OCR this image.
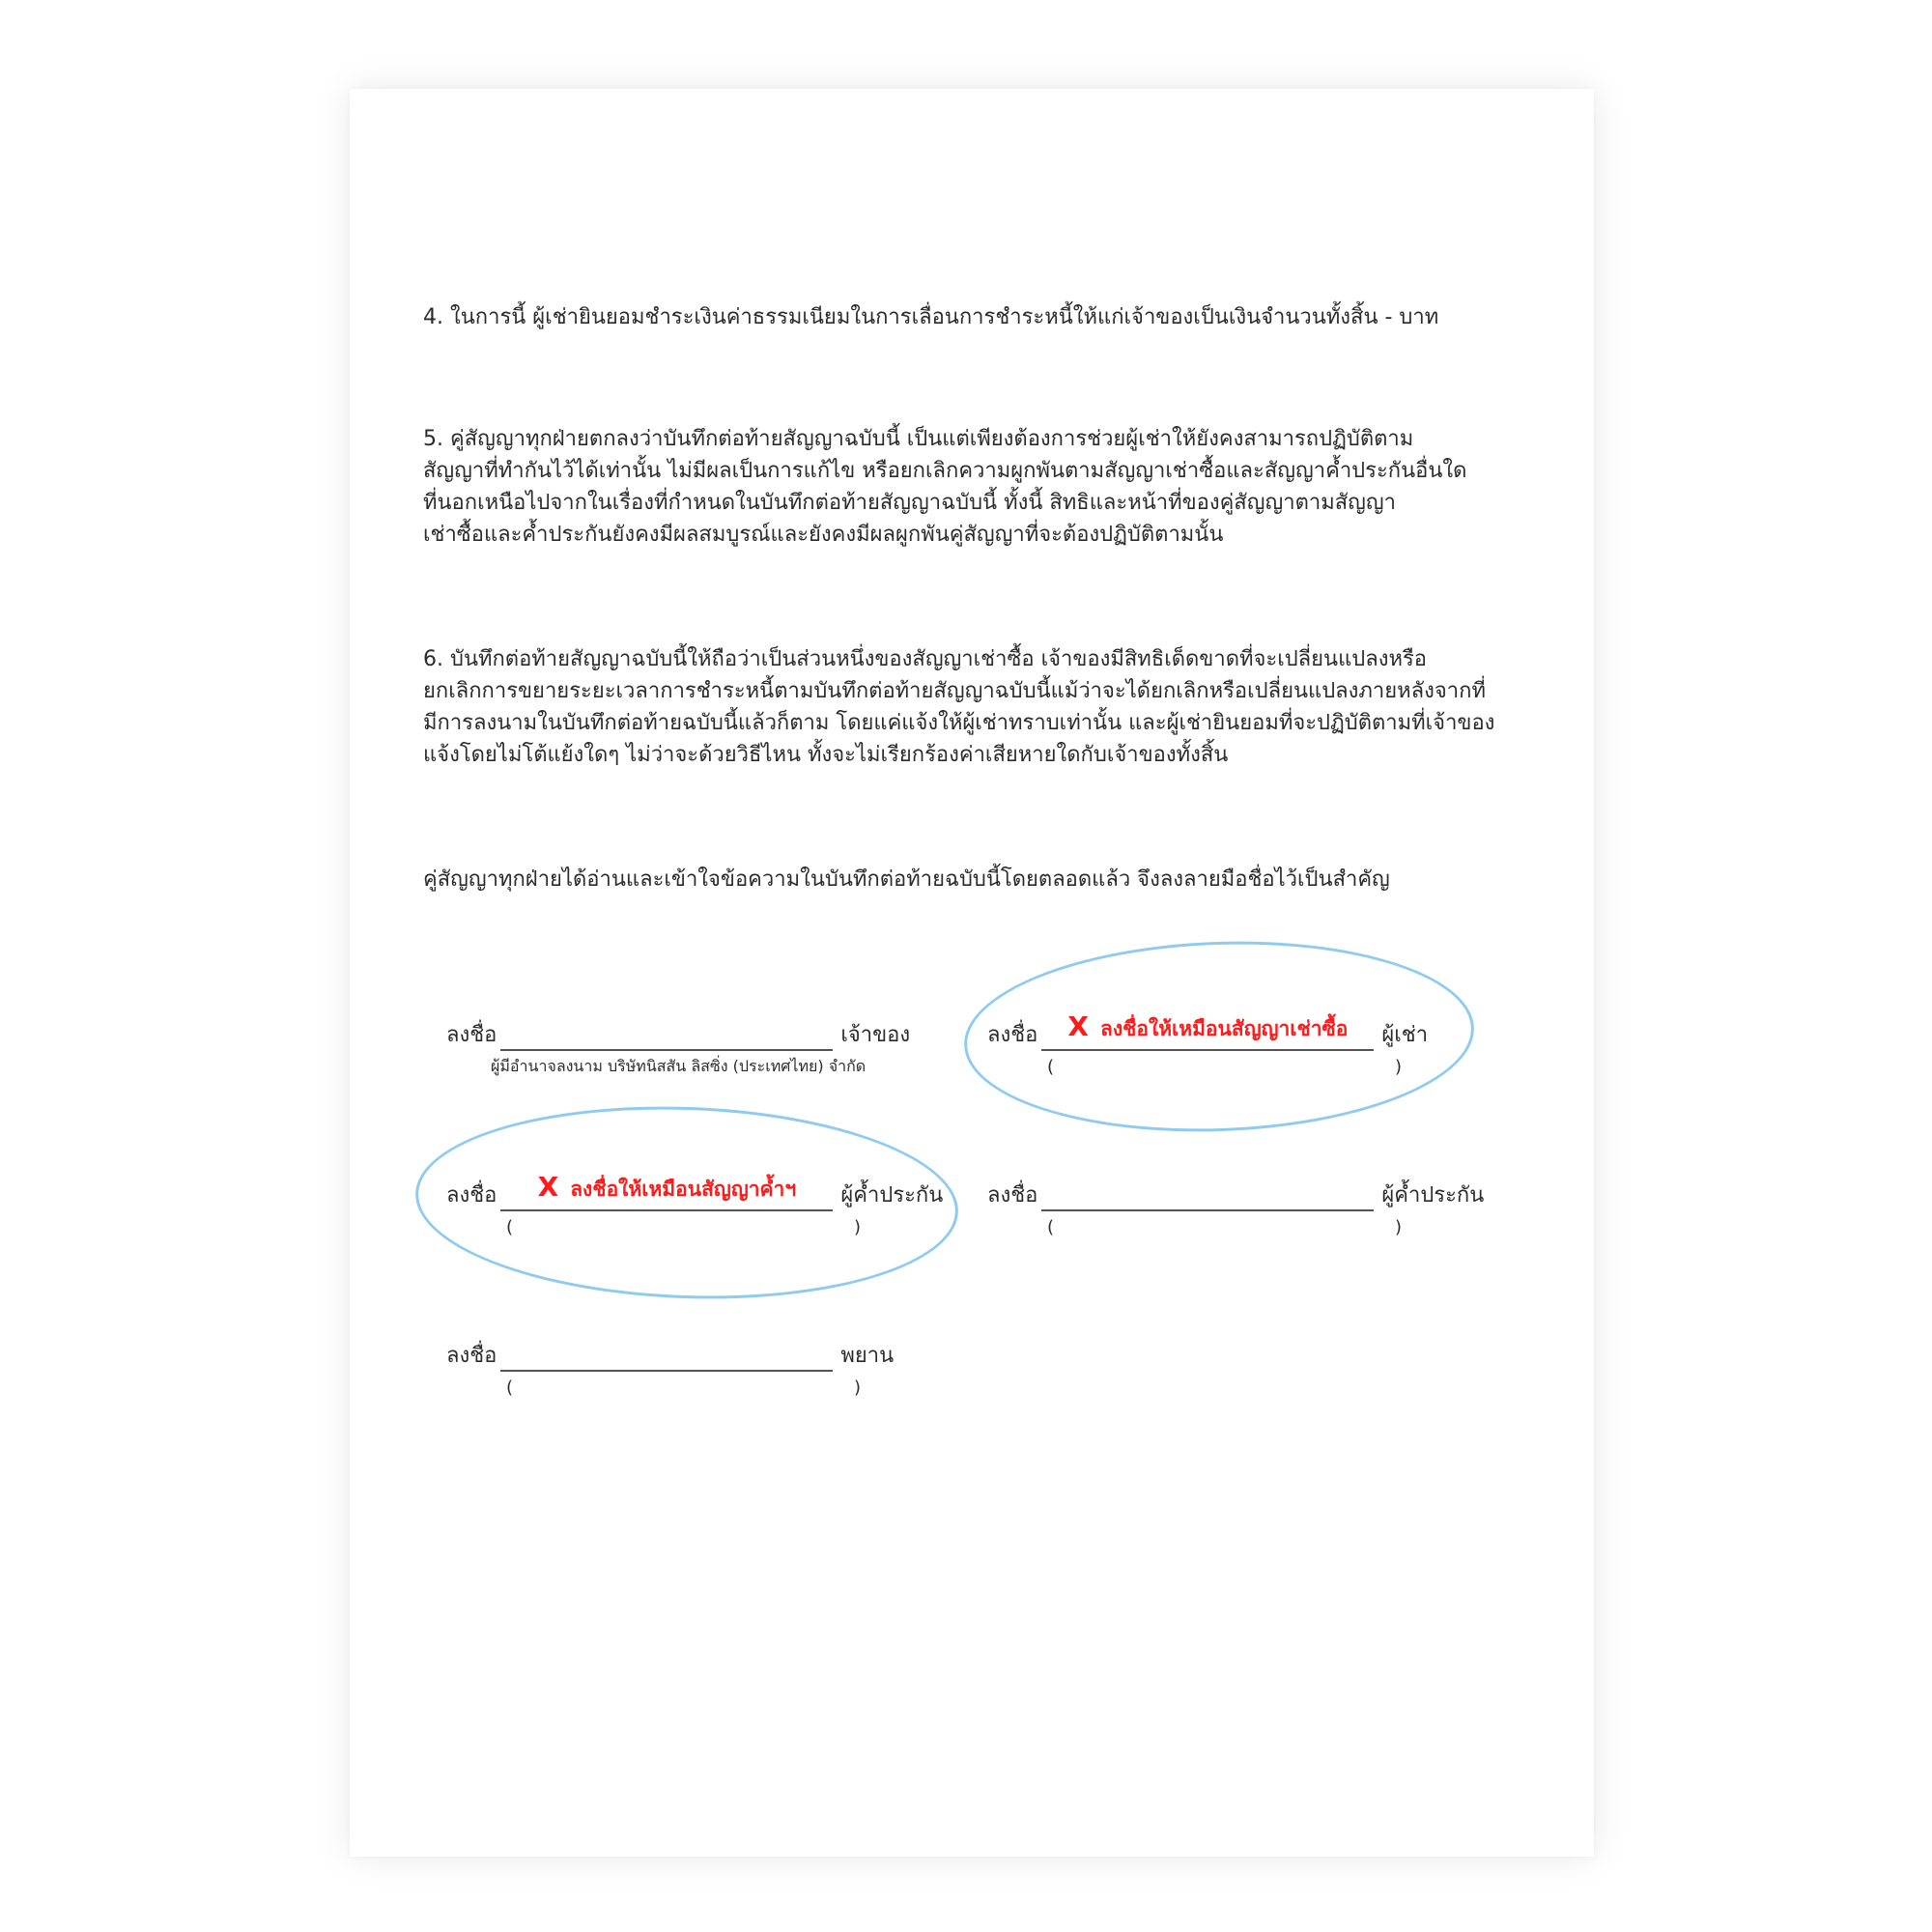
4. ในการนี้ ผู้เช่ายินยอมชำระเงินค่าธรรมเนียมในการเลื่อนการชำระหนี้ให้แก่เจ้าของเป็นเงินจำนวนทั้งสิ้น - บาท
5. คู่สัญญาทุกฝ่ายตกลงว่าบันทึกต่อท้ายสัญญาฉบับนี้ เป็นแต่เพียงต้องการช่วยผู้เช่าให้ยังคงสามารถปฏิบัติตาม
สัญญาที่ทำกันไว้ได้เท่านั้น ไม่มีผลเป็นการแก้ไข หรือยกเลิกความผูกพันตามสัญญาเช่าซื้อและสัญญาค้ำประกันอื่นใด
ที่นอกเหนือไปจากในเรื่องที่กำหนดในบันทึกต่อท้ายสัญญาฉบับนี้ ทั้งนี้ สิทธิและหน้าที่ของคู่สัญญาตามสัญญา
เช่าซื้อและค้ำประกันยังคงมีผลสมบูรณ์และยังคงมีผลผูกพันคู่สัญญาที่จะต้องปฏิบัติตามนั้น
6. บันทึกต่อท้ายสัญญาฉบับนี้ให้ถือว่าเป็นส่วนหนึ่งของสัญญาเช่าซื้อ เจ้าของมีสิทธิเด็ดขาดที่จะเปลี่ยนแปลงหรือ
ยกเลิกการขยายระยะเวลาการชำระหนี้ตามบันทึกต่อท้ายสัญญาฉบับนี้แม้ว่าจะได้ยกเลิกหรือเปลี่ยนแปลงภายหลังจากที่
มีการลงนามในบันทึกต่อท้ายฉบับนี้แล้วก็ตาม โดยแค่แจ้งให้ผู้เช่าทราบเท่านั้น และผู้เช่ายินยอมที่จะปฏิบัติตามที่เจ้าของ
แจ้งโดยไม่โต้แย้งใดๆ ไม่ว่าจะด้วยวิธีไหน ทั้งจะไม่เรียกร้องค่าเสียหายใดกับเจ้าของทั้งสิ้น
คู่สัญญาทุกฝ่ายได้อ่านและเข้าใจข้อความในบันทึกต่อท้ายฉบับนี้โดยตลอดแล้ว จึงลงลายมือชื่อไว้เป็นสำคัญ
ลงชื่อ	เจ้าของ
ผู้มีอำนาจลงนาม บริษัทนิสสัน ลิสซิ่ง (ประเทศไทย) จำกัด
ลงชื่อ	X ลงชื่อให้เหมือนสัญญาเช่าซื้อ	ผู้เช่า
(	)
ลงชื่อ	X ลงชื่อให้เหมือนสัญญาค้ำฯ	ผู้ค้ำประกัน
(	)
ลงชื่อ	ผู้ค้ำประกัน
(	)
ลงชื่อ	พยาน
(	)
